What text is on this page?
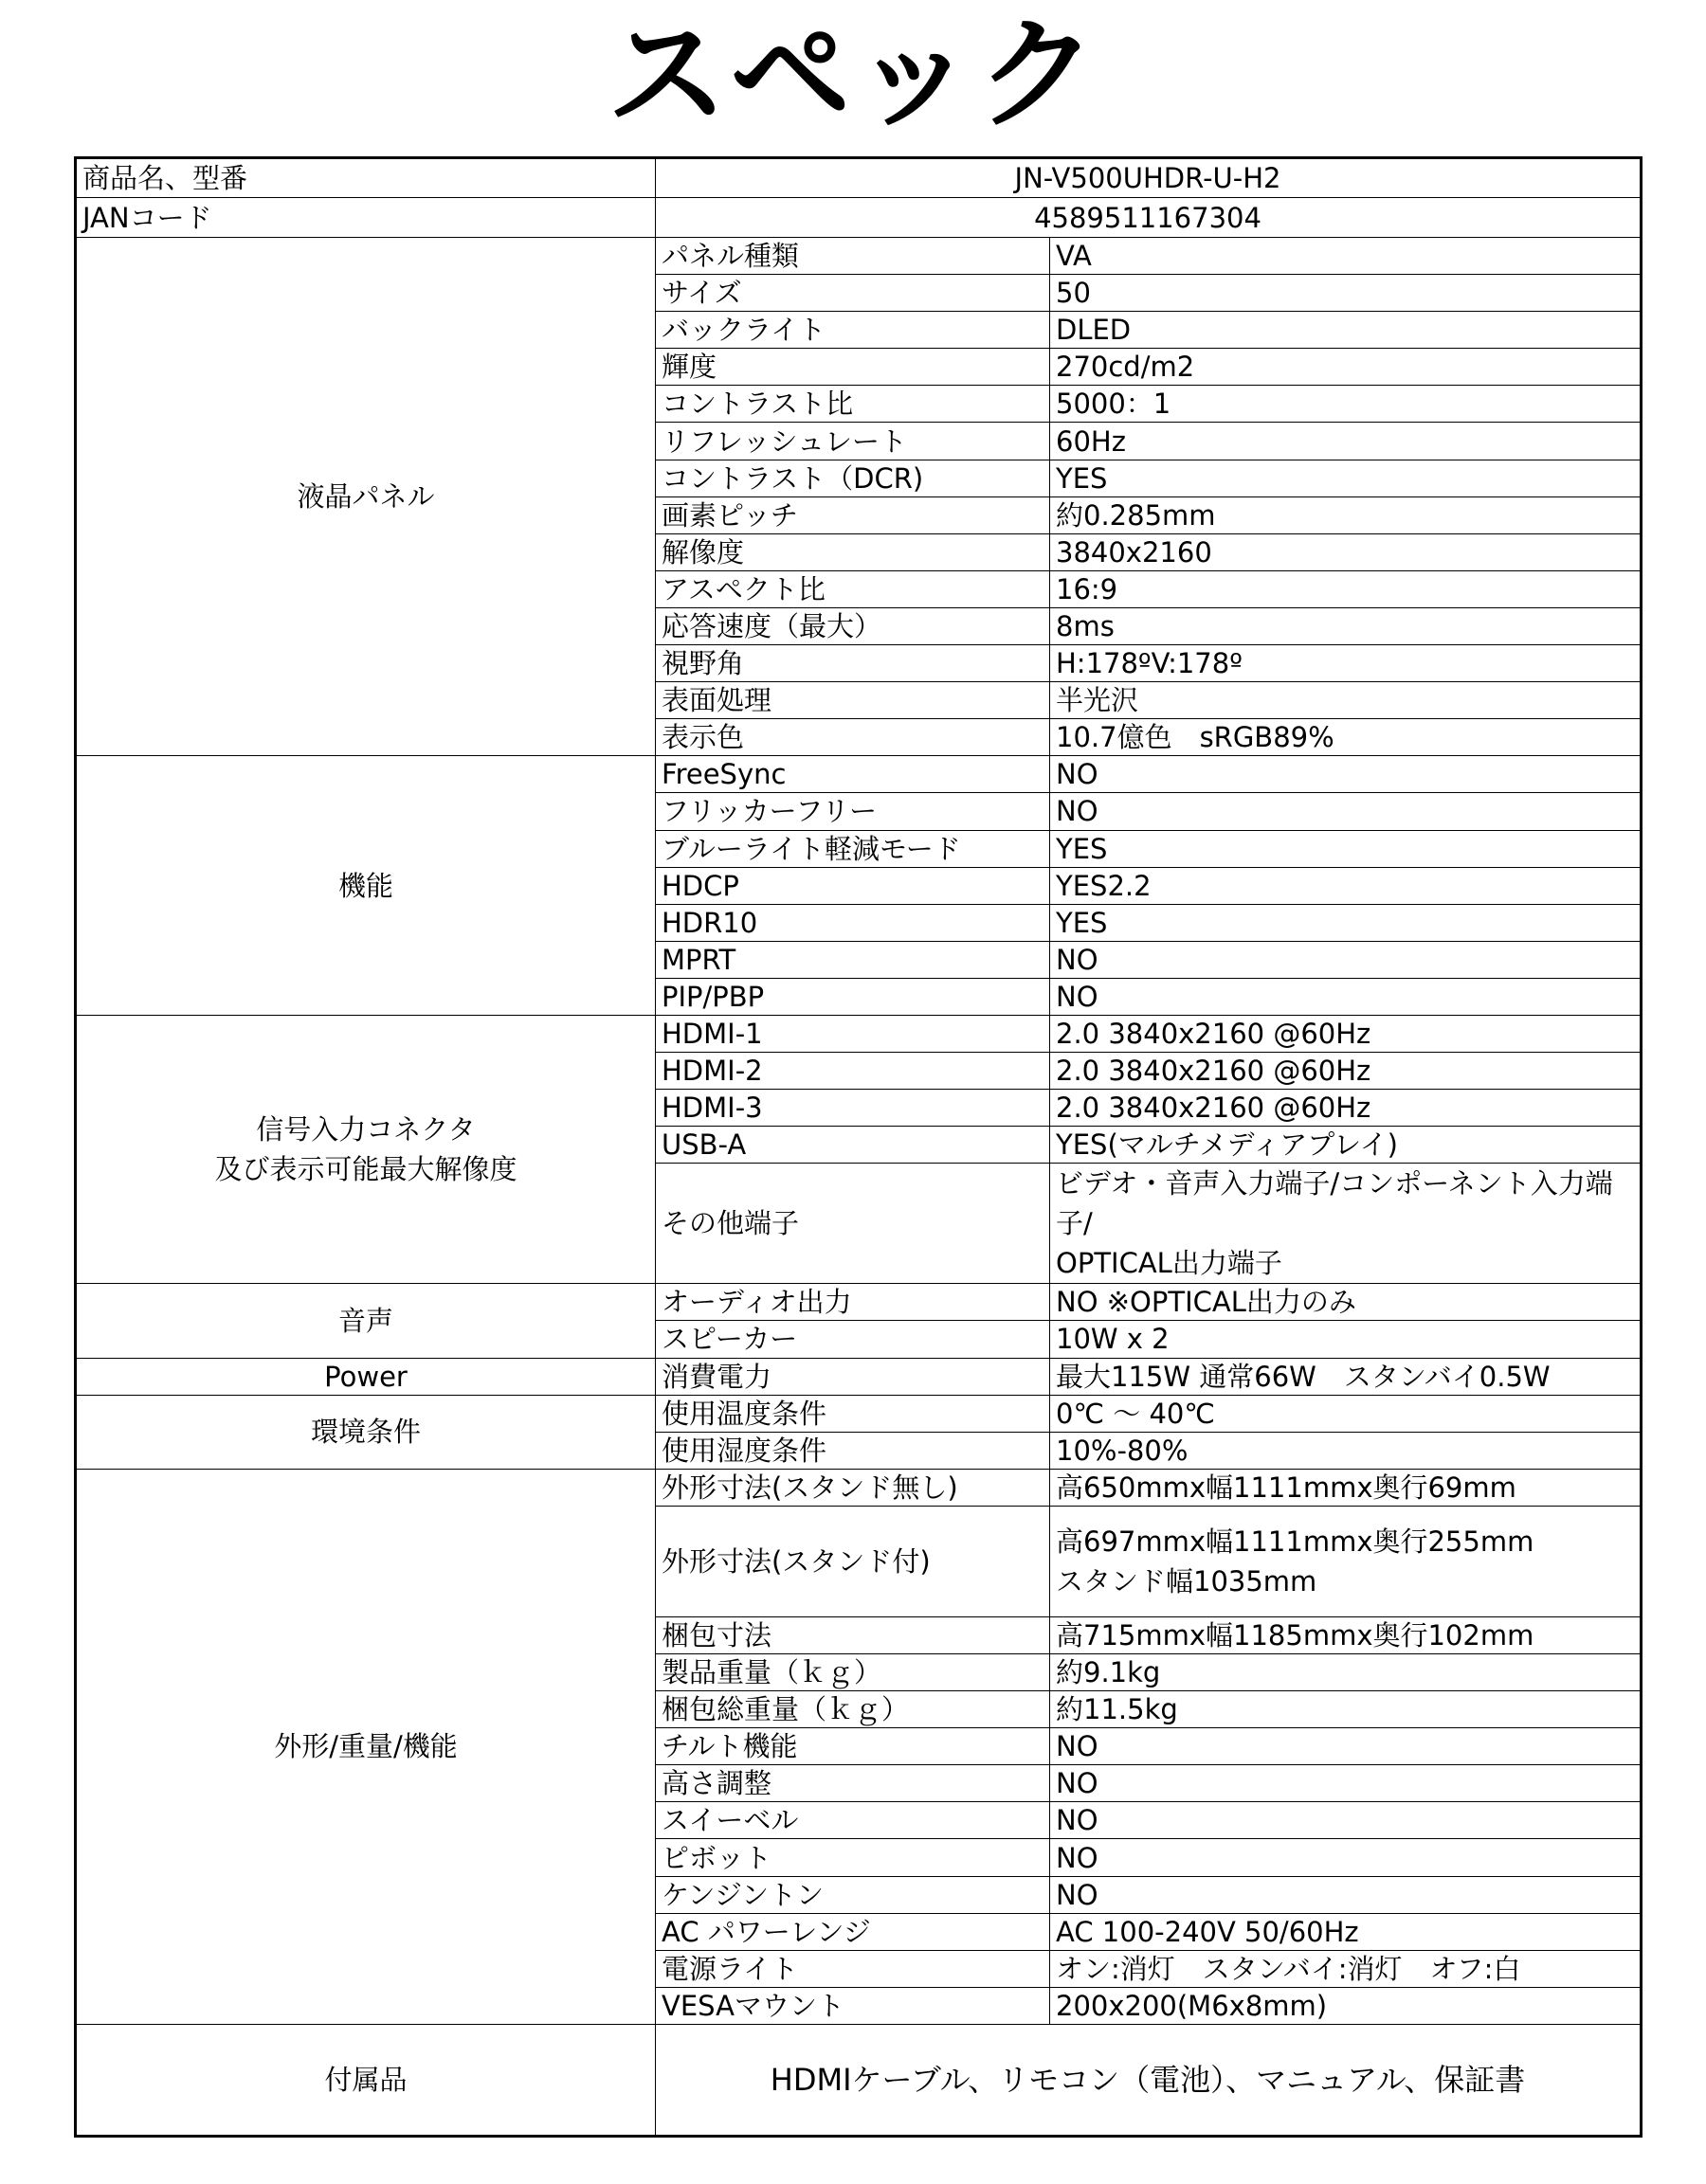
スペック
商品名、型番	JN-V500UHDR-U-H2	
JANコード	4589511167304	
液晶パネル	パネル種類	VA
	サイズ	50
	バックライト	DLED
	輝度	270cd/m2
	コントラスト比	5000：1
	リフレッシュレート	60Hz
	コントラスト（DCR)	YES
	画素ピッチ	約0.285mm
	解像度	3840x2160
	アスペクト比	16:9
	応答速度（最大）	8ms
	視野角	H:178ºV:178º
	表面処理	半光沢
	表示色	10.7億色　sRGB89%
機能	FreeSync	NO
	フリッカーフリー	NO
	ブルーライト軽減モード	YES
	HDCP	YES2.2
	HDR10	YES
	MPRT	NO
	PIP/PBP	NO
信号入力コネクタ
及び表示可能最大解像度	HDMI-1	2.0 3840x2160 @60Hz
	HDMI-2	2.0 3840x2160 @60Hz
	HDMI-3	2.0 3840x2160 @60Hz
	USB-A	YES(マルチメディアプレイ)
	その他端子	ビデオ・音声入力端子/コンポーネント入力端子/
OPTICAL出力端子
音声	オーディオ出力	NO ※OPTICAL出力のみ
	スピーカー	10W x 2
Power	消費電力	最大115W 通常66W　スタンバイ0.5W
環境条件	使用温度条件	0℃ ～ 40℃
	使用湿度条件	10%-80%
外形/重量/機能	外形寸法(スタンド無し)	高650mmx幅1111mmx奥行69mm
	外形寸法(スタンド付)	高697mmx幅1111mmx奥行255mm
スタンド幅1035mm
	梱包寸法	高715mmx幅1185mmx奥行102mm
	製品重量（ｋｇ）	約9.1kg
	梱包総重量（ｋｇ）	約11.5kg
	チルト機能	NO
	高さ調整	NO
	スイーベル	NO
	ピボット	NO
	ケンジントン	NO
	AC パワーレンジ	AC 100-240V 50/60Hz
	電源ライト	オン:消灯　スタンバイ:消灯　オフ:白
	VESAマウント	200x200(M6x8mm)
付属品	HDMIケーブル、リモコン（電池）、マニュアル、保証書	
